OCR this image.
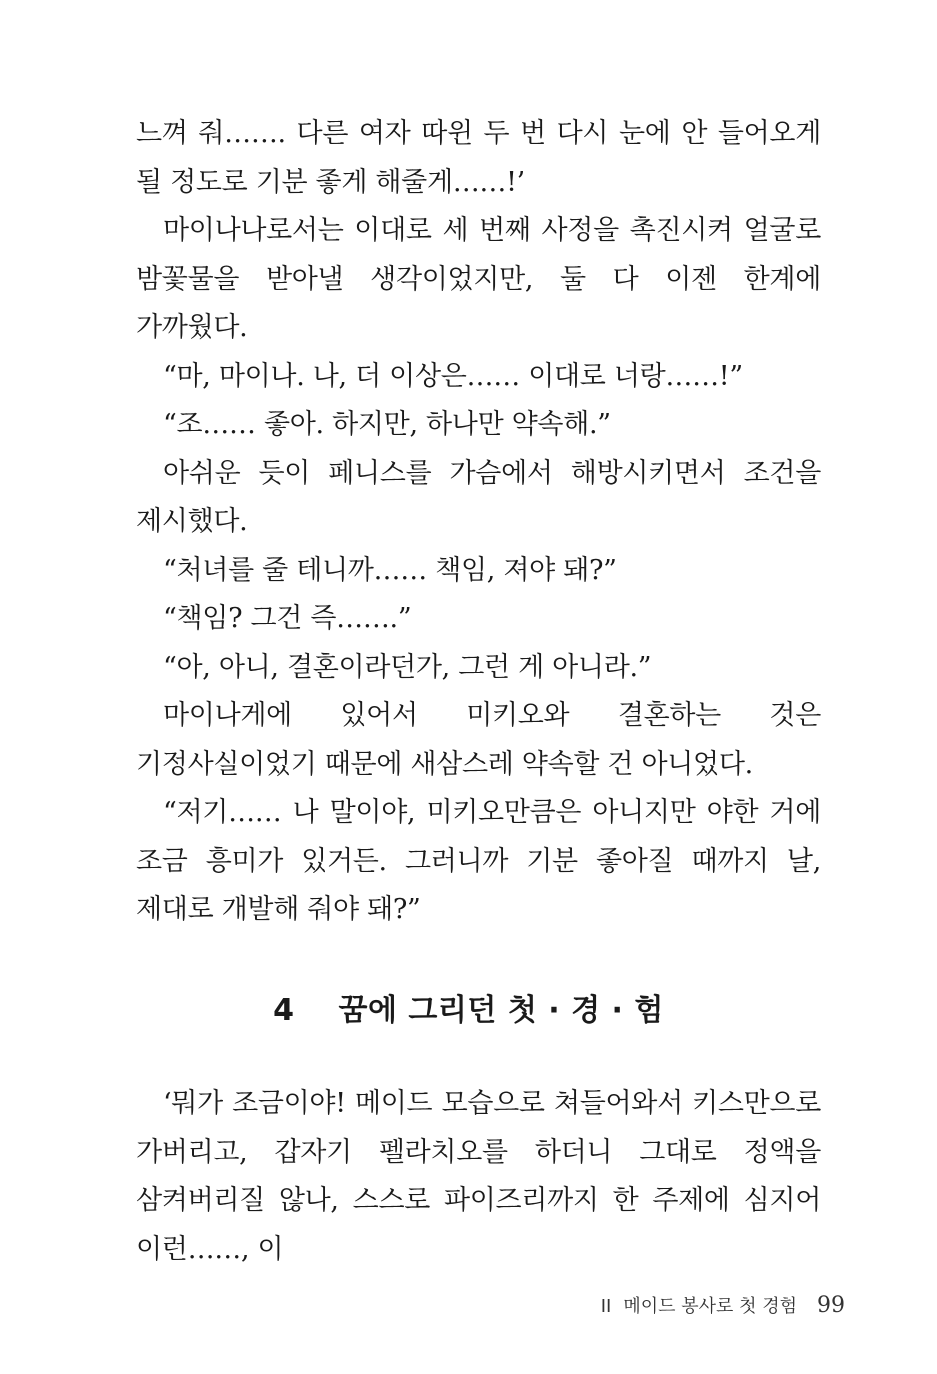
느껴 줘……. 다른 여자 따윈 두 번 다시 눈에 안 들어오게 될 정도로 기분 좋게 해줄게……!’

마이나나로서는 이대로 세 번째 사정을 촉진시켜 얼굴로 밤꽃물을 받아낼 생각이었지만, 둘 다 이젠 한계에 가까웠다.

“마, 마이나. 나, 더 이상은…… 이대로 너랑……!”

“조…… 좋아. 하지만, 하나만 약속해.”

아쉬운 듯이 페니스를 가슴에서 해방시키면서 조건을 제시했다.

“처녀를 줄 테니까…… 책임, 져야 돼?”

“책임? 그건 즉…….”

“아, 아니, 결혼이라던가, 그런 게 아니라.”

마이나게에 있어서 미키오와 결혼하는 것은 기정사실이었기 때문에 새삼스레 약속할 건 아니었다.

“저기…… 나 말이야, 미키오만큼은 아니지만 야한 거에 조금 흥미가 있거든. 그러니까 기분 좋아질 때까지 날, 제대로 개발해 줘야 돼?”

4 꿈에 그리던 첫 · 경 · 험

‘뭐가 조금이야! 메이드 모습으로 쳐들어와서 키스만으로 가버리고, 갑자기 펠라치오를 하더니 그대로 정액을 삼켜버리질 않나, 스스로 파이즈리까지 한 주제에 심지어 이런……, 이

II 메이드 봉사로 첫 경험 99
